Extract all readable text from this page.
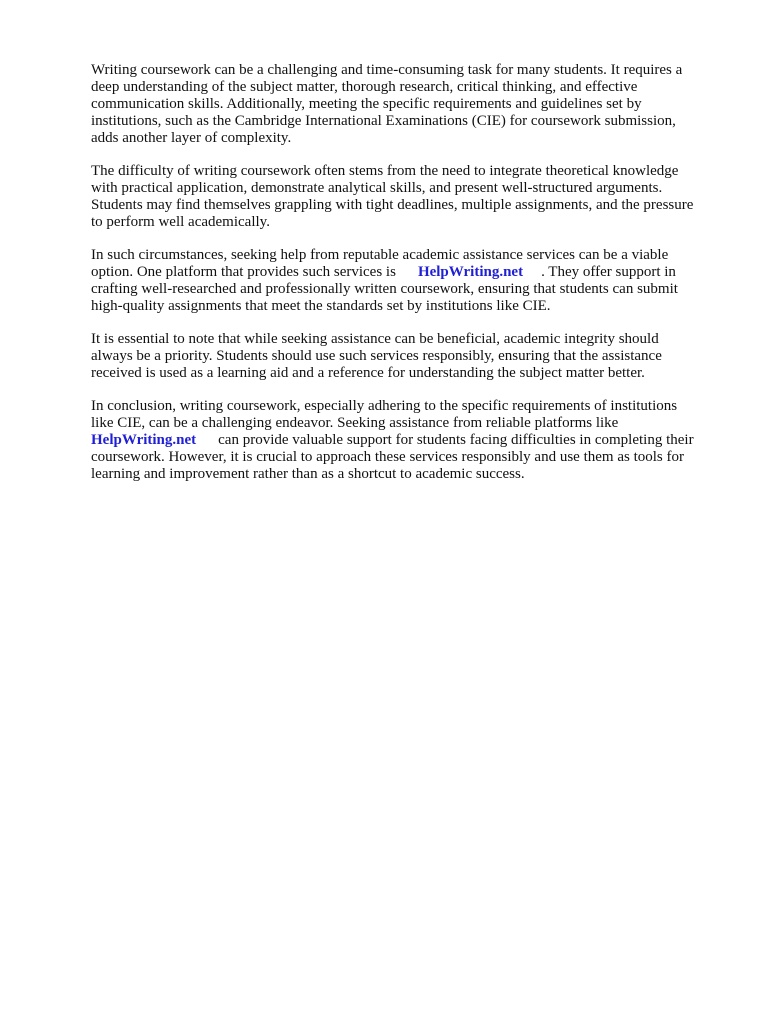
Writing coursework can be a challenging and time-consuming task for many students. It requires a
deep understanding of the subject matter, thorough research, critical thinking, and effective
communication skills. Additionally, meeting the specific requirements and guidelines set by
institutions, such as the Cambridge International Examinations (CIE) for coursework submission,
adds another layer of complexity.

The difficulty of writing coursework often stems from the need to integrate theoretical knowledge
with practical application, demonstrate analytical skills, and present well-structured arguments.
Students may find themselves grappling with tight deadlines, multiple assignments, and the pressure
to perform well academically.

In such circumstances, seeking help from reputable academic assistance services can be a viable
option. One platform that provides such services is HelpWriting.net . They offer support in
crafting well-researched and professionally written coursework, ensuring that students can submit
high-quality assignments that meet the standards set by institutions like CIE.

It is essential to note that while seeking assistance can be beneficial, academic integrity should
always be a priority. Students should use such services responsibly, ensuring that the assistance
received is used as a learning aid and a reference for understanding the subject matter better.

In conclusion, writing coursework, especially adhering to the specific requirements of institutions
like CIE, can be a challenging endeavor. Seeking assistance from reliable platforms like
HelpWriting.net can provide valuable support for students facing difficulties in completing their
coursework. However, it is crucial to approach these services responsibly and use them as tools for
learning and improvement rather than as a shortcut to academic success.
